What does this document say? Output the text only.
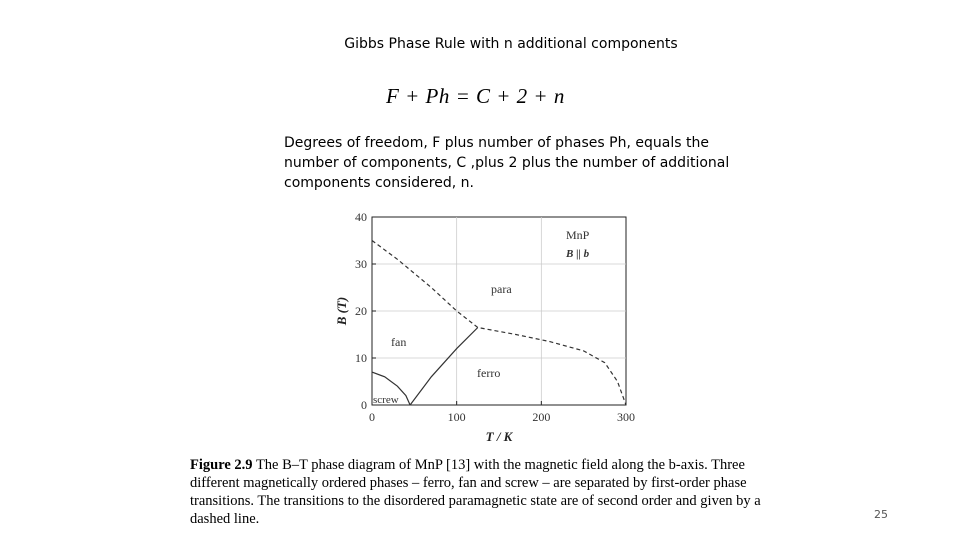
Gibbs Phase Rule with n additional components
F + Ph = C + 2 + n
Degrees of freedom, F plus number of phases Ph, equals the number of components, C ,plus 2 plus the number of additional components considered, n.
0	100	200	300
0
10
20
30
40
MnP
B || b
para
fan
ferro
screw
B (T)
T / K
Figure 2.9 The B–T phase diagram of MnP [13] with the magnetic field along the b-axis. Three different magnetically ordered phases – ferro, fan and screw – are separated by first-order phase transitions. The transitions to the disordered paramagnetic state are of second order and given by a dashed line.	25
